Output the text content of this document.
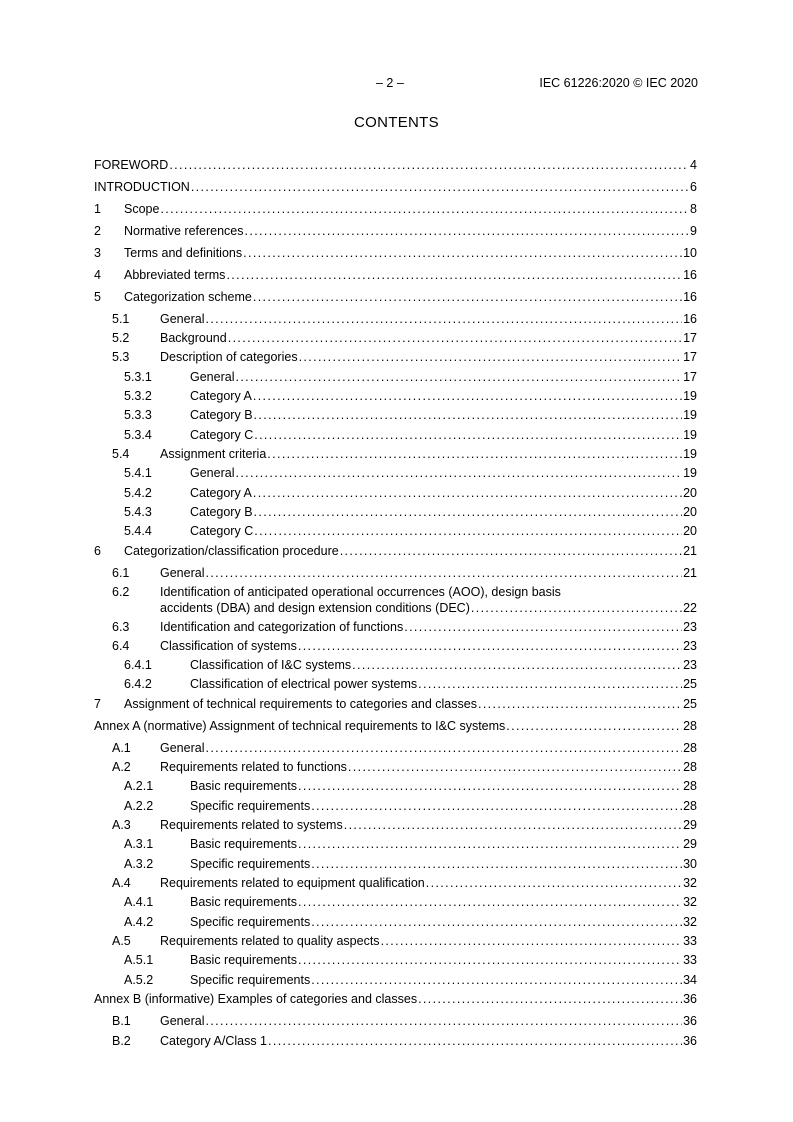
– 2 –	IEC 61226:2020 © IEC 2020
CONTENTS
FOREWORD . . .	4
INTRODUCTION . . .	6
1 Scope . . .	8
2 Normative references . . .	9
3 Terms and definitions . . .	10
4 Abbreviated terms . . .	16
5 Categorization scheme . . .	16
5.1 General . . .	16
5.2 Background . . .	17
5.3 Description of categories . . .	17
5.3.1	General . . .	17
5.3.2	Category A . . .	19
5.3.3	Category B . . .	19
5.3.4	Category C . . .	19
5.4 Assignment criteria . . .	19
5.4.1	General . . .	19
5.4.2	Category A . . .	20
5.4.3	Category B . . .	20
5.4.4	Category C . . .	20
6 Categorization/classification procedure . . .	21
6.1 General . . .	21
6.2 Identification of anticipated operational occurrences (AOO), design basis
accidents (DBA) and design extension conditions (DEC) . . .	22
6.3 Identification and categorization of functions . . .	23
6.4 Classification of systems . . .	23
6.4.1	Classification of I&C systems . . .	23
6.4.2	Classification of electrical power systems . . .	25
7 Assignment of technical requirements to categories and classes . . .	25
Annex A (normative) Assignment of technical requirements to I&C systems . . .	28
A.1 General . . .	28
A.2 Requirements related to functions . . .	28
A.2.1	Basic requirements . . .	28
A.2.2	Specific requirements . . .	28
A.3 Requirements related to systems . . .	29
A.3.1	Basic requirements . . .	29
A.3.2	Specific requirements . . .	30
A.4 Requirements related to equipment qualification . . .	32
A.4.1	Basic requirements . . .	32
A.4.2	Specific requirements . . .	32
A.5 Requirements related to quality aspects . . .	33
A.5.1	Basic requirements . . .	33
A.5.2	Specific requirements . . .	34
Annex B (informative) Examples of categories and classes . . .	36
B.1 General . . .	36
B.2 Category A/Class 1 . . .	36
